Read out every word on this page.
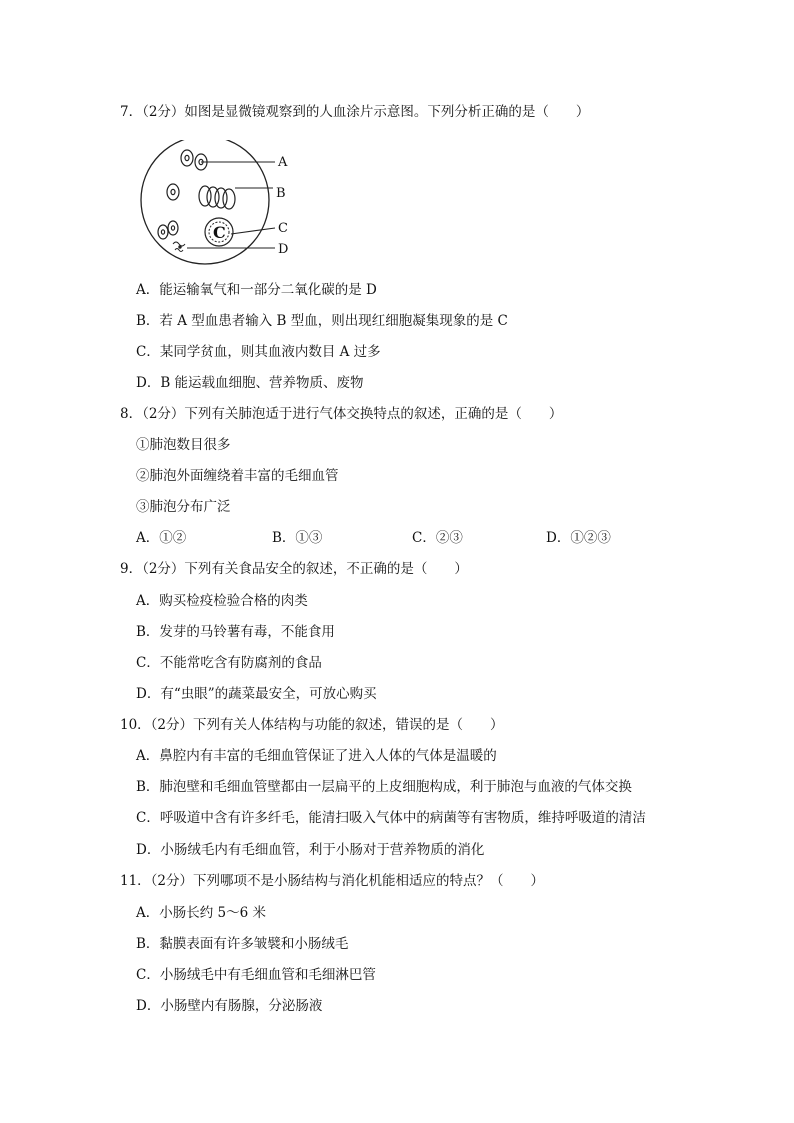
7．（2分）如图是显微镜观察到的人血涂片示意图。下列分析正确的是（　　）
C
A
B
C
D
A．能运输氧气和一部分二氧化碳的是 D
B．若 A 型血患者输入 B 型血，则出现红细胞凝集现象的是 C
C．某同学贫血，则其血液内数目 A 过多
D．B 能运载血细胞、营养物质、废物
8．（2分）下列有关肺泡适于进行气体交换特点的叙述，正确的是（　　）
①肺泡数目很多
②肺泡外面缠绕着丰富的毛细血管
③肺泡分布广泛
A．①②	B．①③	C．②③	D．①②③
9．（2分）下列有关食品安全的叙述，不正确的是（　　）
A．购买检疫检验合格的肉类
B．发芽的马铃薯有毒，不能食用
C．不能常吃含有防腐剂的食品
D．有“虫眼”的蔬菜最安全，可放心购买
10．（2分）下列有关人体结构与功能的叙述，错误的是（　　）
A．鼻腔内有丰富的毛细血管保证了进入人体的气体是温暖的
B．肺泡壁和毛细血管壁都由一层扁平的上皮细胞构成，利于肺泡与血液的气体交换
C．呼吸道中含有许多纤毛，能清扫吸入气体中的病菌等有害物质，维持呼吸道的清洁
D．小肠绒毛内有毛细血管，利于小肠对于营养物质的消化
11．（2分）下列哪项不是小肠结构与消化机能相适应的特点？（　　）
A．小肠长约 5～6 米
B．黏膜表面有许多皱襞和小肠绒毛
C．小肠绒毛中有毛细血管和毛细淋巴管
D．小肠壁内有肠腺，分泌肠液
